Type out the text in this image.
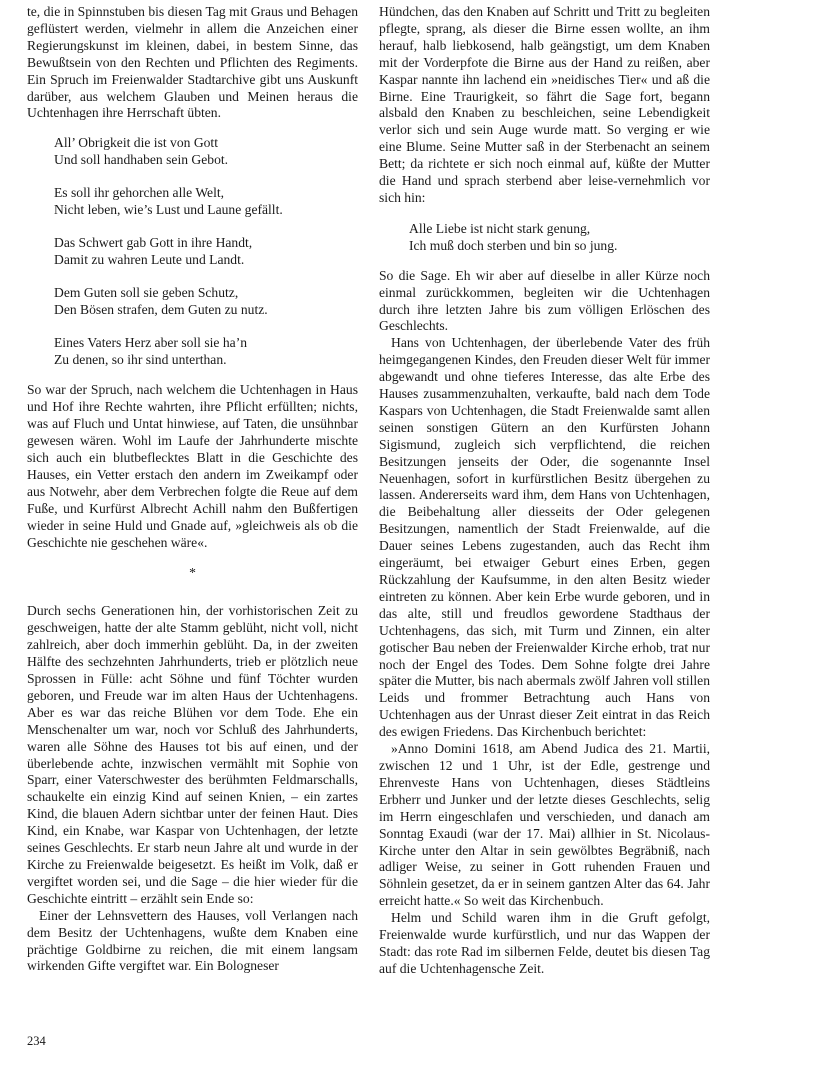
te, die in Spinnstuben bis diesen Tag mit Graus und Behagen geflüstert werden, vielmehr in allem die Anzeichen einer Regierungskunst im kleinen, dabei, in bestem Sinne, das Bewußtsein von den Rechten und Pflichten des Regiments. Ein Spruch im Freienwalder Stadtarchive gibt uns Auskunft darüber, aus welchem Glauben und Meinen heraus die Uchtenhagen ihre Herrschaft übten.

All’ Obrigkeit die ist von Gott
Und soll handhaben sein Gebot.
Es soll ihr gehorchen alle Welt,
Nicht leben, wie’s Lust und Laune gefällt.
Das Schwert gab Gott in ihre Handt,
Damit zu wahren Leute und Landt.
Dem Guten soll sie geben Schutz,
Den Bösen strafen, dem Guten zu nutz.
Eines Vaters Herz aber soll sie ha’n
Zu denen, so ihr sind unterthan.

So war der Spruch, nach welchem die Uchtenhagen in Haus und Hof ihre Rechte wahrten, ihre Pflicht erfüllten; nichts, was auf Fluch und Untat hinwiese, auf Taten, die unsühnbar gewesen wären. Wohl im Laufe der Jahrhunderte mischte sich auch ein blutbeflecktes Blatt in die Geschichte des Hauses, ein Vetter erstach den andern im Zweikampf oder aus Notwehr, aber dem Verbrechen folgte die Reue auf dem Fuße, und Kurfürst Albrecht Achill nahm den Bußfertigen wieder in seine Huld und Gnade auf, »gleichweis als ob die Geschichte nie geschehen wäre«.

*

Durch sechs Generationen hin, der vorhistorischen Zeit zu geschweigen, hatte der alte Stamm geblüht, nicht voll, nicht zahlreich, aber doch immerhin geblüht. Da, in der zweiten Hälfte des sechzehnten Jahrhunderts, trieb er plötzlich neue Sprossen in Fülle: acht Söhne und fünf Töchter wurden geboren, und Freude war im alten Haus der Uchtenhagens. Aber es war das reiche Blühen vor dem Tode. Ehe ein Menschenalter um war, noch vor Schluß des Jahrhunderts, waren alle Söhne des Hauses tot bis auf einen, und der überlebende achte, inzwischen vermählt mit Sophie von Sparr, einer Vaterschwester des berühmten Feldmarschalls, schaukelte ein einzig Kind auf seinen Knien, – ein zartes Kind, die blauen Adern sichtbar unter der feinen Haut. Dies Kind, ein Knabe, war Kaspar von Uchtenhagen, der letzte seines Geschlechts. Er starb neun Jahre alt und wurde in der Kirche zu Freienwalde beigesetzt. Es heißt im Volk, daß er vergiftet worden sei, und die Sage – die hier wieder für die Geschichte eintritt – erzählt sein Ende so:

Einer der Lehnsvettern des Hauses, voll Verlangen nach dem Besitz der Uchtenhagens, wußte dem Knaben eine prächtige Goldbirne zu reichen, die mit einem langsam wirkenden Gifte vergiftet war. Ein Bologneser

Hündchen, das den Knaben auf Schritt und Tritt zu begleiten pflegte, sprang, als dieser die Birne essen wollte, an ihm herauf, halb liebkosend, halb geängstigt, um dem Knaben mit der Vorderpfote die Birne aus der Hand zu reißen, aber Kaspar nannte ihn lachend ein »neidisches Tier« und aß die Birne. Eine Traurigkeit, so fährt die Sage fort, begann alsbald den Knaben zu beschleichen, seine Lebendigkeit verlor sich und sein Auge wurde matt. So verging er wie eine Blume. Seine Mutter saß in der Sterbenacht an seinem Bett; da richtete er sich noch einmal auf, küßte der Mutter die Hand und sprach sterbend aber leise-vernehmlich vor sich hin:

Alle Liebe ist nicht stark genung,
Ich muß doch sterben und bin so jung.

So die Sage. Eh wir aber auf dieselbe in aller Kürze noch einmal zurückkommen, begleiten wir die Uchtenhagen durch ihre letzten Jahre bis zum völligen Erlöschen des Geschlechts.

Hans von Uchtenhagen, der überlebende Vater des früh heimgegangenen Kindes, den Freuden dieser Welt für immer abgewandt und ohne tieferes Interesse, das alte Erbe des Hauses zusammenzuhalten, verkaufte, bald nach dem Tode Kaspars von Uchtenhagen, die Stadt Freienwalde samt allen seinen sonstigen Gütern an den Kurfürsten Johann Sigismund, zugleich sich verpflichtend, die reichen Besitzungen jenseits der Oder, die sogenannte Insel Neuenhagen, sofort in kurfürstlichen Besitz übergehen zu lassen. Andererseits ward ihm, dem Hans von Uchtenhagen, die Beibehaltung aller diesseits der Oder gelegenen Besitzungen, namentlich der Stadt Freienwalde, auf die Dauer seines Lebens zugestanden, auch das Recht ihm eingeräumt, bei etwaiger Geburt eines Erben, gegen Rückzahlung der Kaufsumme, in den alten Besitz wieder eintreten zu können. Aber kein Erbe wurde geboren, und in das alte, still und freudlos gewordene Stadthaus der Uchtenhagens, das sich, mit Turm und Zinnen, ein alter gotischer Bau neben der Freienwalder Kirche erhob, trat nur noch der Engel des Todes. Dem Sohne folgte drei Jahre später die Mutter, bis nach abermals zwölf Jahren voll stillen Leids und frommer Betrachtung auch Hans von Uchtenhagen aus der Unrast dieser Zeit eintrat in das Reich des ewigen Friedens. Das Kirchenbuch berichtet:

»Anno Domini 1618, am Abend Judica des 21. Martii, zwischen 12 und 1 Uhr, ist der Edle, gestrenge und Ehrenveste Hans von Uchtenhagen, dieses Städtleins Erbherr und Junker und der letzte dieses Geschlechts, selig im Herrn eingeschlafen und verschieden, und danach am Sonntag Exaudi (war der 17. Mai) allhier in St. Nicolaus-Kirche unter den Altar in sein gewölbtes Begräbniß, nach adliger Weise, zu seiner in Gott ruhenden Frauen und Söhnlein gesetzet, da er in seinem gantzen Alter das 64. Jahr erreicht hatte.« So weit das Kirchenbuch.

Helm und Schild waren ihm in die Gruft gefolgt, Freienwalde wurde kurfürstlich, und nur das Wappen der Stadt: das rote Rad im silbernen Felde, deutet bis diesen Tag auf die Uchtenhagensche Zeit.

234
